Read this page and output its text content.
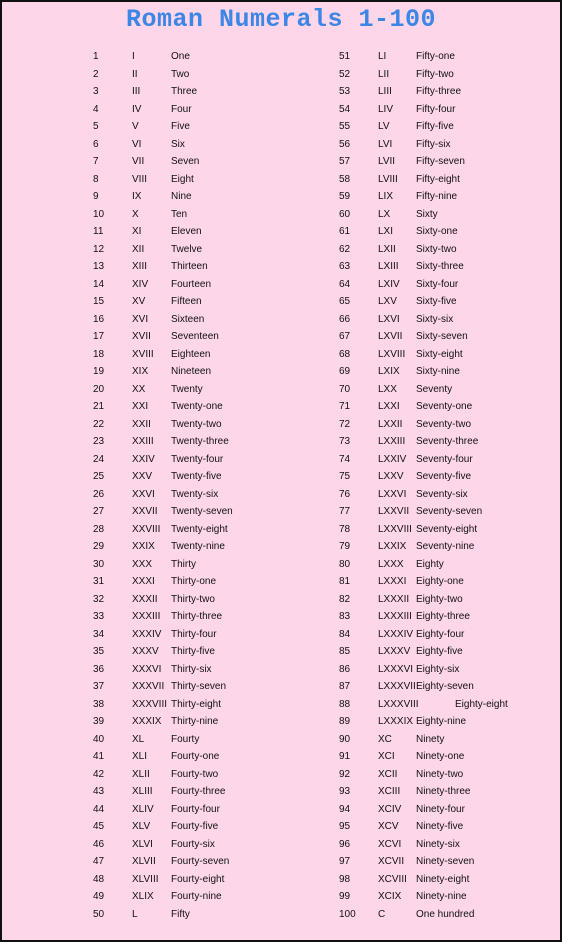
Roman Numerals 1-100
1	I	One
2	II	Two
3	III	Three
4	IV	Four
5	V	Five
6	VI	Six
7	VII	Seven
8	VIII Eight
9	IX	Nine
10	X	Ten
11	XI	Eleven
12	XII	Twelve
13	XIII Thirteen
14	XIV Fourteen
15	XV	Fifteen
16	XVI Sixteen
17	XVII Seventeen
18	XVIII Eighteen
19	XIX Nineteen
20	XX	Twenty
21	XXI Twenty-one
22	XXII Twenty-two
23	XXIII Twenty-three
24	XXIV Twenty-four
25	XXV Twenty-five
26	XXVI Twenty-six
27	XXVII Twenty-seven
28	XXVIII Twenty-eight
29	XXIX Twenty-nine
30	XXX Thirty
31	XXXI Thirty-one
32	XXXII Thirty-two
33	XXXIII Thirty-three
34	XXXIV Thirty-four
35	XXXV Thirty-five
36	XXXVI Thirty-six
37	XXXVII Thirty-seven
38	XXXVIII Thirty-eight
39	XXXIX Thirty-nine
40	XL	Fourty
41	XLI Fourty-one
42	XLII Fourty-two
43	XLIII Fourty-three
44	XLIV Fourty-four
45	XLV Fourty-five
46	XLVI Fourty-six
47	XLVII Fourty-seven
48	XLVIII Fourty-eight
49	XLIX Fourty-nine
50	L	Fifty
51	LI	Fifty-one
52	LII	Fifty-two
53	LIII Fifty-three
54	LIV Fifty-four
55	LV	Fifty-five
56	LVI Fifty-six
57	LVII Fifty-seven
58	LVIII Fifty-eight
59	LIX Fifty-nine
60	LX	Sixty
61	LXI Sixty-one
62	LXII Sixty-two
63	LXIII Sixty-three
64	LXIV Sixty-four
65	LXV Sixty-five
66	LXVI Sixty-six
67	LXVII Sixty-seven
68	LXVIII Sixty-eight
69	LXIX Sixty-nine
70	LXX Seventy
71	LXXI Seventy-one
72	LXXII Seventy-two
73	LXXIII Seventy-three
74	LXXIV Seventy-four
75	LXXV Seventy-five
76	LXXVI Seventy-six
77	LXXVII Seventy-seven
78	LXXVIII Seventy-eight
79	LXXIX Seventy-nine
80	LXXX Eighty
81	LXXXI Eighty-one
82	LXXXII Eighty-two
83	LXXXIII Eighty-three
84	LXXXIV Eighty-four
85	LXXXV Eighty-five
86	LXXXVI Eighty-six
87	LXXXVII Eighty-seven
88	LXXXVIII	Eighty-eight
89	LXXXIX Eighty-nine
90	XC Ninety
91	XCI Ninety-one
92	XCII Ninety-two
93	XCIII Ninety-three
94	XCIV Ninety-four
95	XCV Ninety-five
96	XCVI Ninety-six
97	XCVII Ninety-seven
98	XCVIII Ninety-eight
99	XCIX Ninety-nine
100 C	One hundred
